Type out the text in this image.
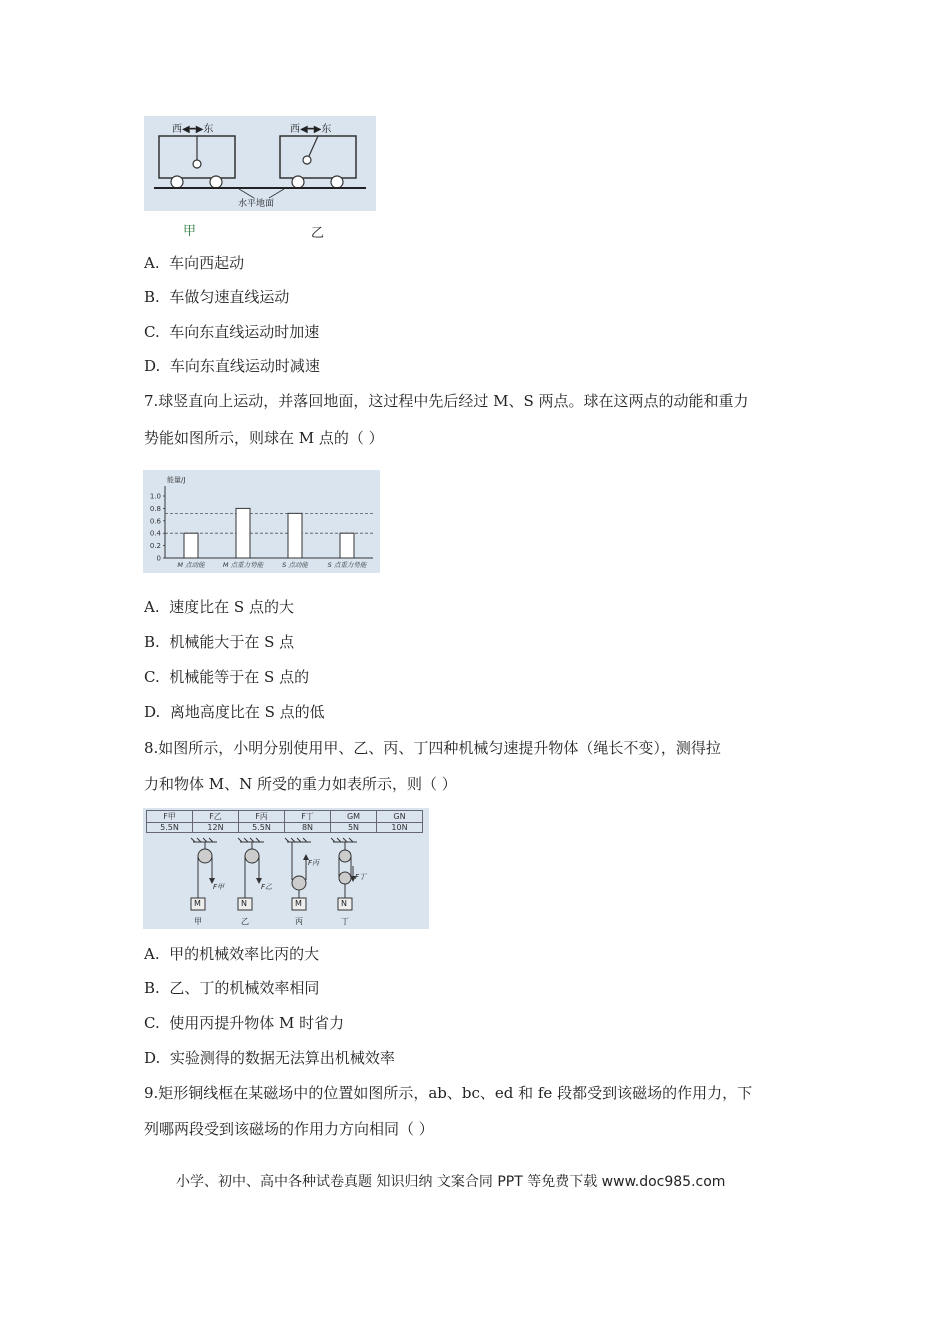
西◀━▶东	西◀━▶东
水平地面
甲	乙
A. 车向西起动
B. 车做匀速直线运动
C. 车向东直线运动时加速
D. 车向东直线运动时减速
7.球竖直向上运动，并落回地面，这过程中先后经过 M、S 两点。球在这两点的动能和重力
势能如图所示，则球在 M 点的（ ）
能量/J
0
0.2
0.4
0.6
0.8
1.0
M 点动能	M 点重力势能	S 点动能	S 点重力势能
A. 速度比在 S 点的大
B. 机械能大于在 S 点
C. 机械能等于在 S 点的
D. 离地高度比在 S 点的低
8.如图所示，小明分别使用甲、乙、丙、丁四种机械匀速提升物体（绳长不变），测得拉
力和物体 M、N 所受的重力如表所示，则（ ）
F甲	F乙	F丙	F丁	GM	GN
5.5N	12N	5.5N	8N	5N	10N
F甲	F乙
F丙
F丁
M	N	M	N
甲	乙	丙	丁
A. 甲的机械效率比丙的大
B. 乙、丁的机械效率相同
C. 使用丙提升物体 M 时省力
D. 实验测得的数据无法算出机械效率
9.矩形铜线框在某磁场中的位置如图所示，ab、bc、ed 和 fe 段都受到该磁场的作用力，下
列哪两段受到该磁场的作用力方向相同（ ）
小学、初中、高中各种试卷真题 知识归纳 文案合同 PPT 等免费下载 www.doc985.com
